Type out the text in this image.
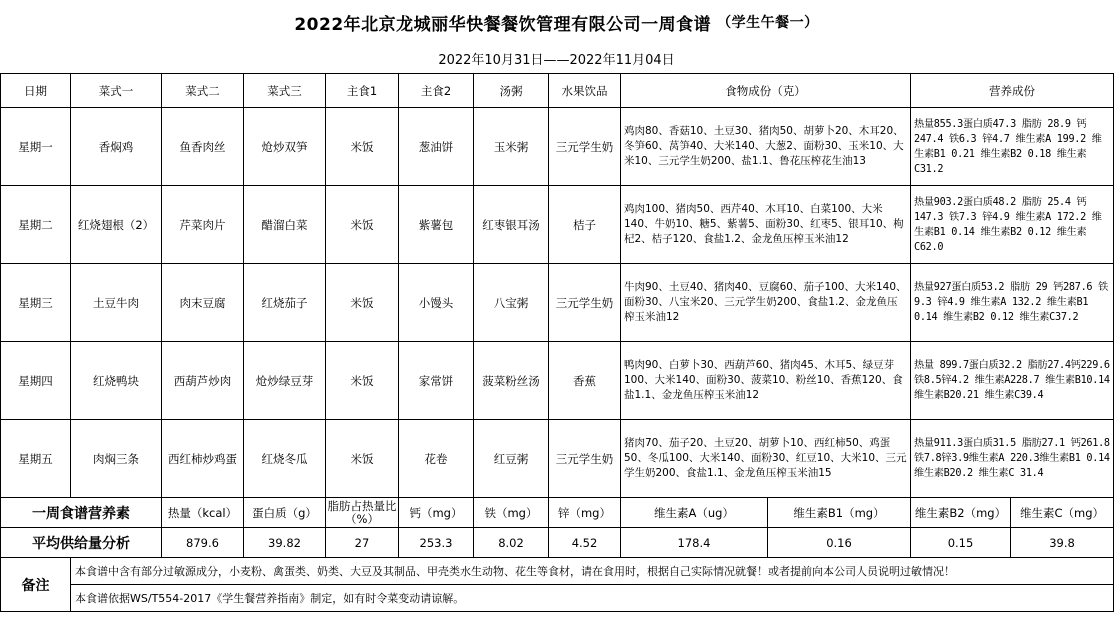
2022年北京龙城丽华快餐餐饮管理有限公司一周食谱 （学生午餐一）
2022年10月31日——2022年11月04日
日期	菜式一	菜式二	菜式三	主食1	主食2	汤粥	水果饮品	食物成份（克）		营养成份	
星期一	香焖鸡	鱼香肉丝	炝炒双笋	米饭	葱油饼	玉米粥	三元学生奶	鸡肉80、香菇10、土豆30、猪肉50、胡萝卜20、木耳20、冬笋60、莴笋40、大米140、大葱2、面粉30、玉米10、大米10、三元学生奶200、盐1.1、鲁花压榨花生油13		热量855.3蛋白质47.3 脂肪 28.9 钙247.4 铁6.3 锌4.7 维生素A 199.2 维生素B1 0.21 维生素B2 0.18 维生素C31.2	
星期二	红烧翅根（2）	芹菜肉片	醋溜白菜	米饭	紫薯包	红枣银耳汤	桔子	鸡肉100、猪肉50、西芹40、木耳10、白菜100、大米140、牛奶10、糖5、紫薯5、面粉30、红枣5、银耳10、枸杞2、桔子120、食盐1.2、金龙鱼压榨玉米油12		热量903.2蛋白质48.2 脂肪 25.4 钙147.3 铁7.3 锌4.9 维生素A 172.2 维生素B1 0.14 维生素B2 0.12 维生素C62.0	
星期三	土豆牛肉	肉末豆腐	红烧茄子	米饭	小馒头	八宝粥	三元学生奶	牛肉90、土豆40、猪肉40、豆腐60、茄子100、大米140、面粉30、八宝米20、三元学生奶200、食盐1.2、金龙鱼压榨玉米油12		热量927蛋白质53.2 脂肪 29 钙287.6 铁9.3 锌4.9 维生素A 132.2 维生素B1 0.14 维生素B2 0.12 维生素C37.2	
星期四	红烧鸭块	西葫芦炒肉	炝炒绿豆芽	米饭	家常饼	菠菜粉丝汤	香蕉	鸭肉90、白萝卜30、西葫芦60、猪肉45、木耳5、绿豆芽100、大米140、面粉30、菠菜10、粉丝10、香蕉120、食盐1.1、金龙鱼压榨玉米油12		热量 899.7蛋白质32.2 脂肪27.4钙229.6铁8.5锌4.2 维生素A228.7 维生素B10.14 维生素B20.21 维生素C39.4	
星期五	肉焖三条	西红柿炒鸡蛋	红烧冬瓜	米饭	花卷	红豆粥	三元学生奶	猪肉70、茄子20、土豆20、胡萝卜10、西红柿50、鸡蛋50、冬瓜100、大米140、面粉30、红豆10、大米10、三元学生奶200、食盐1.1、金龙鱼压榨玉米油15		热量911.3蛋白质31.5 脂肪27.1 钙261.8铁7.8锌3.9维生素A 220.3维生素B1 0.14维生素B20.2 维生素C 31.4	
一周食谱营养素		热量（kcal）	蛋白质（g）	脂肪占热量比（%）	钙（mg）	铁（mg）	锌（mg）	维生素A（ug）	维生素B1（mg）	维生素B2（mg）	维生素C（mg）
平均供给量分析		879.6	39.82	27	253.3	8.02	4.52	178.4	0.16	0.15	39.8
备注	本食谱中含有部分过敏源成分，小麦粉、禽蛋类、奶类、大豆及其制品、甲壳类水生动物、花生等食材，请在食用时，根据自己实际情况就餐！或者提前向本公司人员说明过敏情况！										
	本食谱依据WS/T554-2017《学生餐营养指南》制定，如有时令菜变动请谅解。										
